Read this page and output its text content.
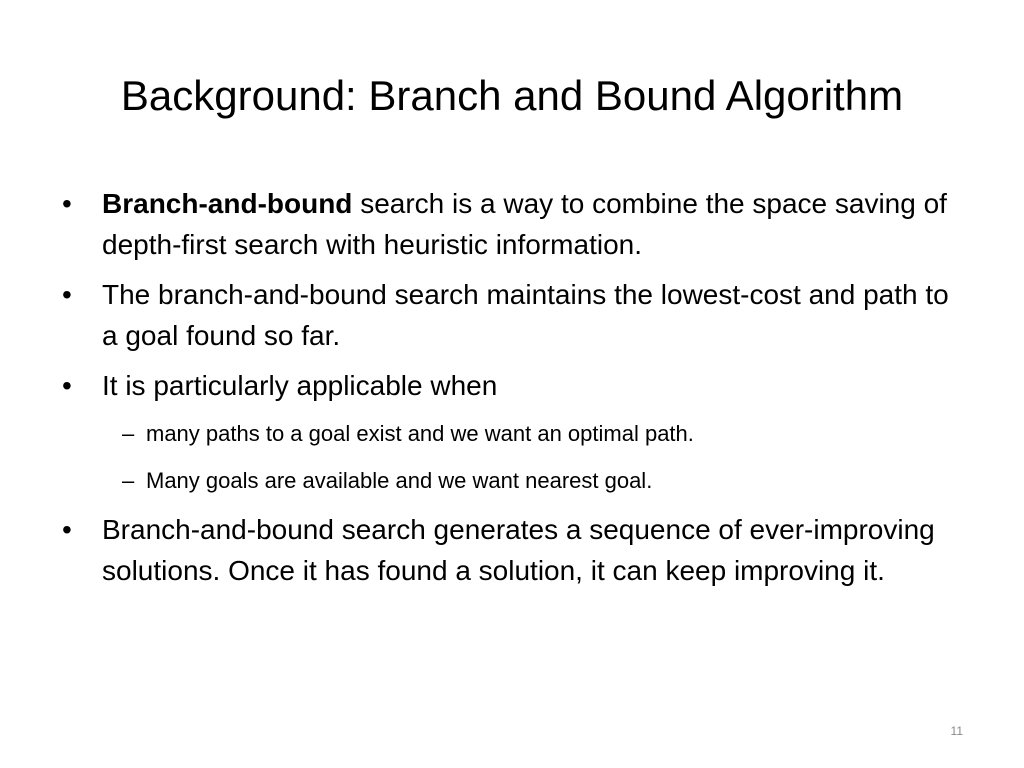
Background: Branch and Bound Algorithm
•	Branch-and-bound search is a way to combine the space saving of depth-first search with heuristic information.
•	The branch-and-bound search maintains the lowest-cost and path to a goal found so far.
•	It is particularly applicable when
– many paths to a goal exist and we want an optimal path.
– Many goals are available and we want nearest goal.
•	Branch-and-bound search generates a sequence of ever-improving solutions. Once it has found a solution, it can keep improving it.
11
